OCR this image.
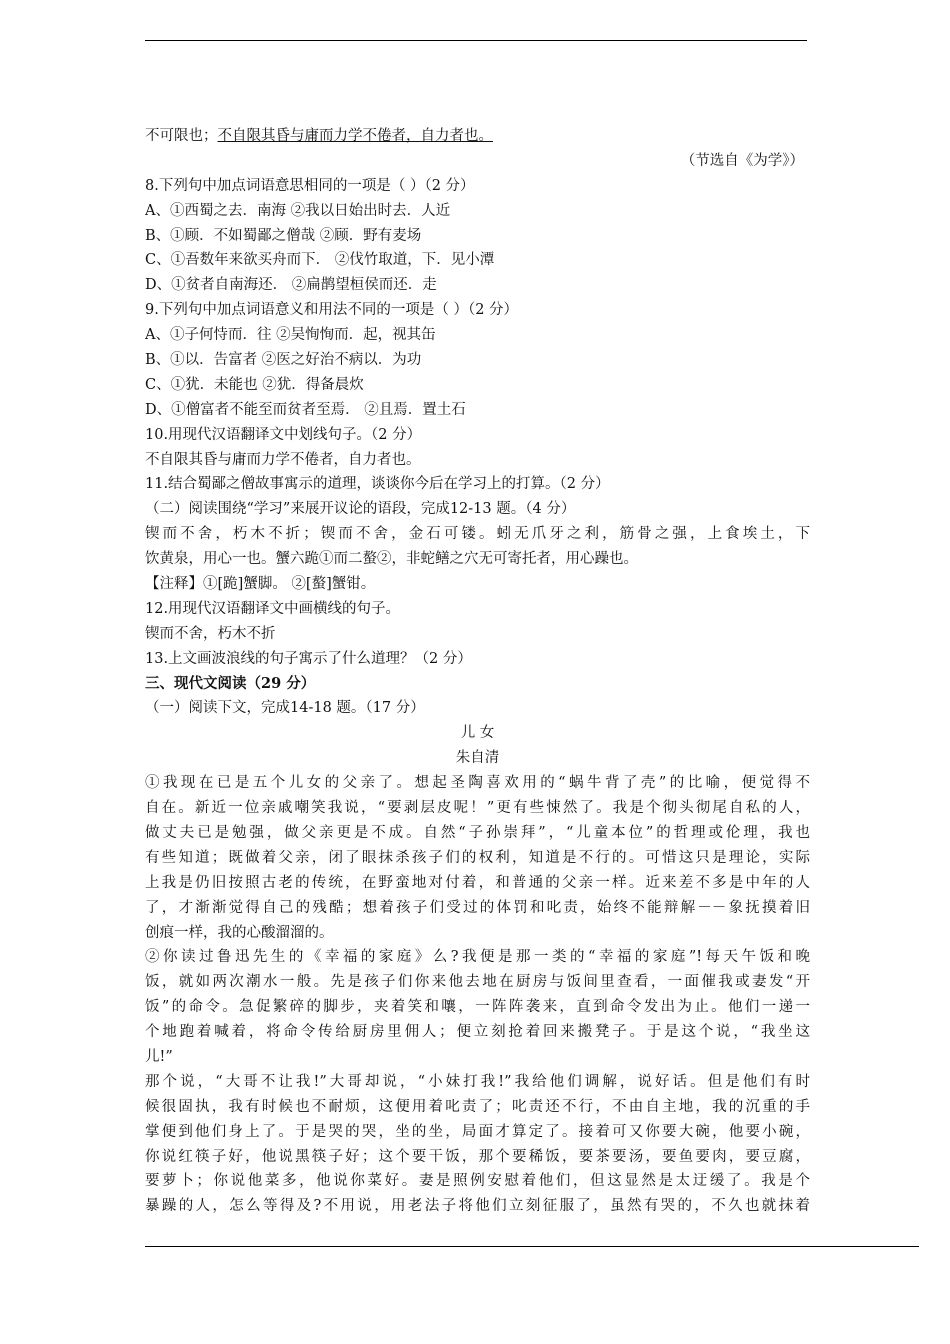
不可限也；不自限其昏与庸而力学不倦者，自力者也。
（节选自《为学》）
8.下列句中加点词语意思相同的一项是（ ）（2 分）
A、①西蜀之去．南海 ②我以日始出时去．人近
B、①顾．不如蜀鄙之僧哉 ②顾．野有麦场
C、①吾数年来欲买舟而下． ②伐竹取道，下．见小潭
D、①贫者自南海还． ②扁鹊望桓侯而还．走
9.下列句中加点词语意义和用法不同的一项是（ ）（2 分）
A、①子何恃而．往 ②吴恂恂而．起，视其缶
B、①以．告富者 ②医之好治不病以．为功
C、①犹．未能也 ②犹．得备晨炊
D、①僧富者不能至而贫者至焉． ②且焉．置土石
10.用现代汉语翻译文中划线句子。（2 分）
不自限其昏与庸而力学不倦者，自力者也。
11.结合蜀鄙之僧故事寓示的道理，谈谈你今后在学习上的打算。（2 分）
（二）阅读围绕“学习”来展开议论的语段，完成12-13 题。（4 分）
锲而不舍，朽木不折；锲而不舍，金石可镂。蚓无爪牙之利，筋骨之强，上食埃土，下
饮黄泉，用心一也。蟹六跪①而二螯②，非蛇鳝之穴无可寄托者，用心躁也。
【注释】①[跪]蟹脚。 ②[螯]蟹钳。
12.用现代汉语翻译文中画横线的句子。
锲而不舍，朽木不折
13.上文画波浪线的句子寓示了什么道理？（2 分）
三、现代文阅读（29 分）
（一）阅读下文，完成14-18 题。（17 分）
儿 女
朱自清
①我现在已是五个儿女的父亲了。想起圣陶喜欢用的“蜗牛背了壳”的比喻，便觉得不
自在。新近一位亲戚嘲笑我说，“要剥层皮呢！”更有些悚然了。我是个彻头彻尾自私的人，
做丈夫已是勉强，做父亲更是不成。自然“子孙崇拜”，“儿童本位”的哲理或伦理，我也
有些知道；既做着父亲，闭了眼抹杀孩子们的权利，知道是不行的。可惜这只是理论，实际
上我是仍旧按照古老的传统，在野蛮地对付着，和普通的父亲一样。近来差不多是中年的人
了，才渐渐觉得自己的残酷；想着孩子们受过的体罚和叱责，始终不能辩解－－象抚摸着旧
创痕一样，我的心酸溜溜的。
②你读过鲁迅先生的《幸福的家庭》么?我便是那一类的“幸福的家庭”!每天午饭和晚
饭，就如两次潮水一般。先是孩子们你来他去地在厨房与饭间里查看，一面催我或妻发“开
饭”的命令。急促繁碎的脚步，夹着笑和嚷，一阵阵袭来，直到命令发出为止。他们一递一
个地跑着喊着，将命令传给厨房里佣人；便立刻抢着回来搬凳子。于是这个说，“我坐这
儿!”
那个说，“大哥不让我!”大哥却说，“小妹打我!”我给他们调解，说好话。但是他们有时
候很固执，我有时候也不耐烦，这便用着叱责了；叱责还不行，不由自主地，我的沉重的手
掌便到他们身上了。于是哭的哭，坐的坐，局面才算定了。接着可又你要大碗，他要小碗，
你说红筷子好，他说黑筷子好；这个要干饭，那个要稀饭，要茶要汤，要鱼要肉，要豆腐，
要萝卜；你说他菜多，他说你菜好。妻是照例安慰着他们，但这显然是太迂缓了。我是个
暴躁的人，怎么等得及?不用说，用老法子将他们立刻征服了，虽然有哭的，不久也就抹着
